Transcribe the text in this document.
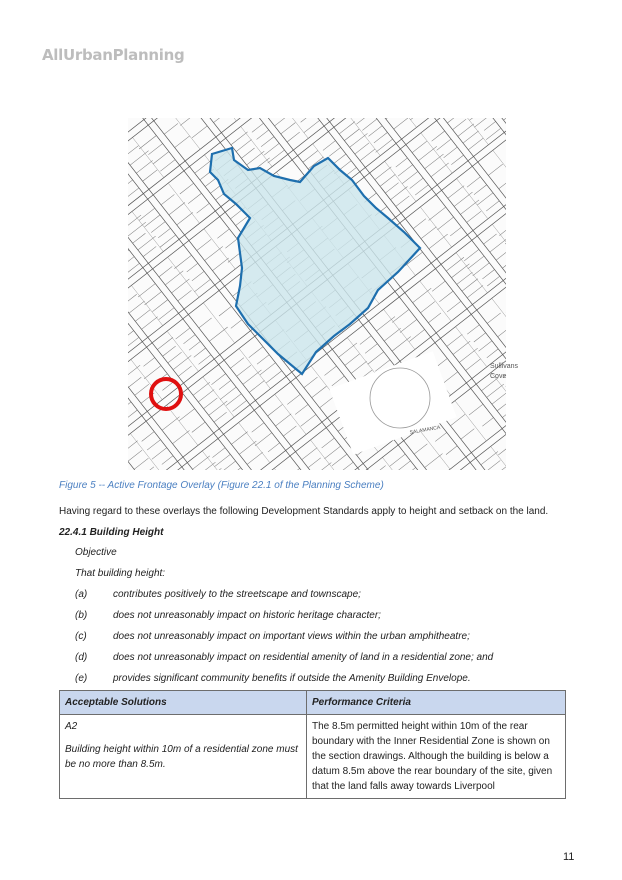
AllUrbanPlanning
Sullivans
Cove
SALAMANCA
Figure 5 -- Active Frontage Overlay (Figure 22.1 of the Planning Scheme)
Having regard to these overlays the following Development Standards apply to height and setback on the land.
22.4.1 Building Height
Objective
That building height:
(a)	contributes positively to the streetscape and townscape;
(b)	does not unreasonably impact on historic heritage character;
(c)	does not unreasonably impact on important views within the urban amphitheatre;
(d)	does not unreasonably impact on residential amenity of land in a residential zone; and
(e)	provides significant community benefits if outside the Amenity Building Envelope.
Acceptable Solutions	Performance Criteria

A2
Building height within 10m of a residential zone must be no more than 8.5m.	The 8.5m permitted height within 10m of the rear boundary with the Inner Residential Zone is shown on the section drawings. Although the building is below a datum 8.5m above the rear boundary of the site, given that the land falls away towards Liverpool
11
